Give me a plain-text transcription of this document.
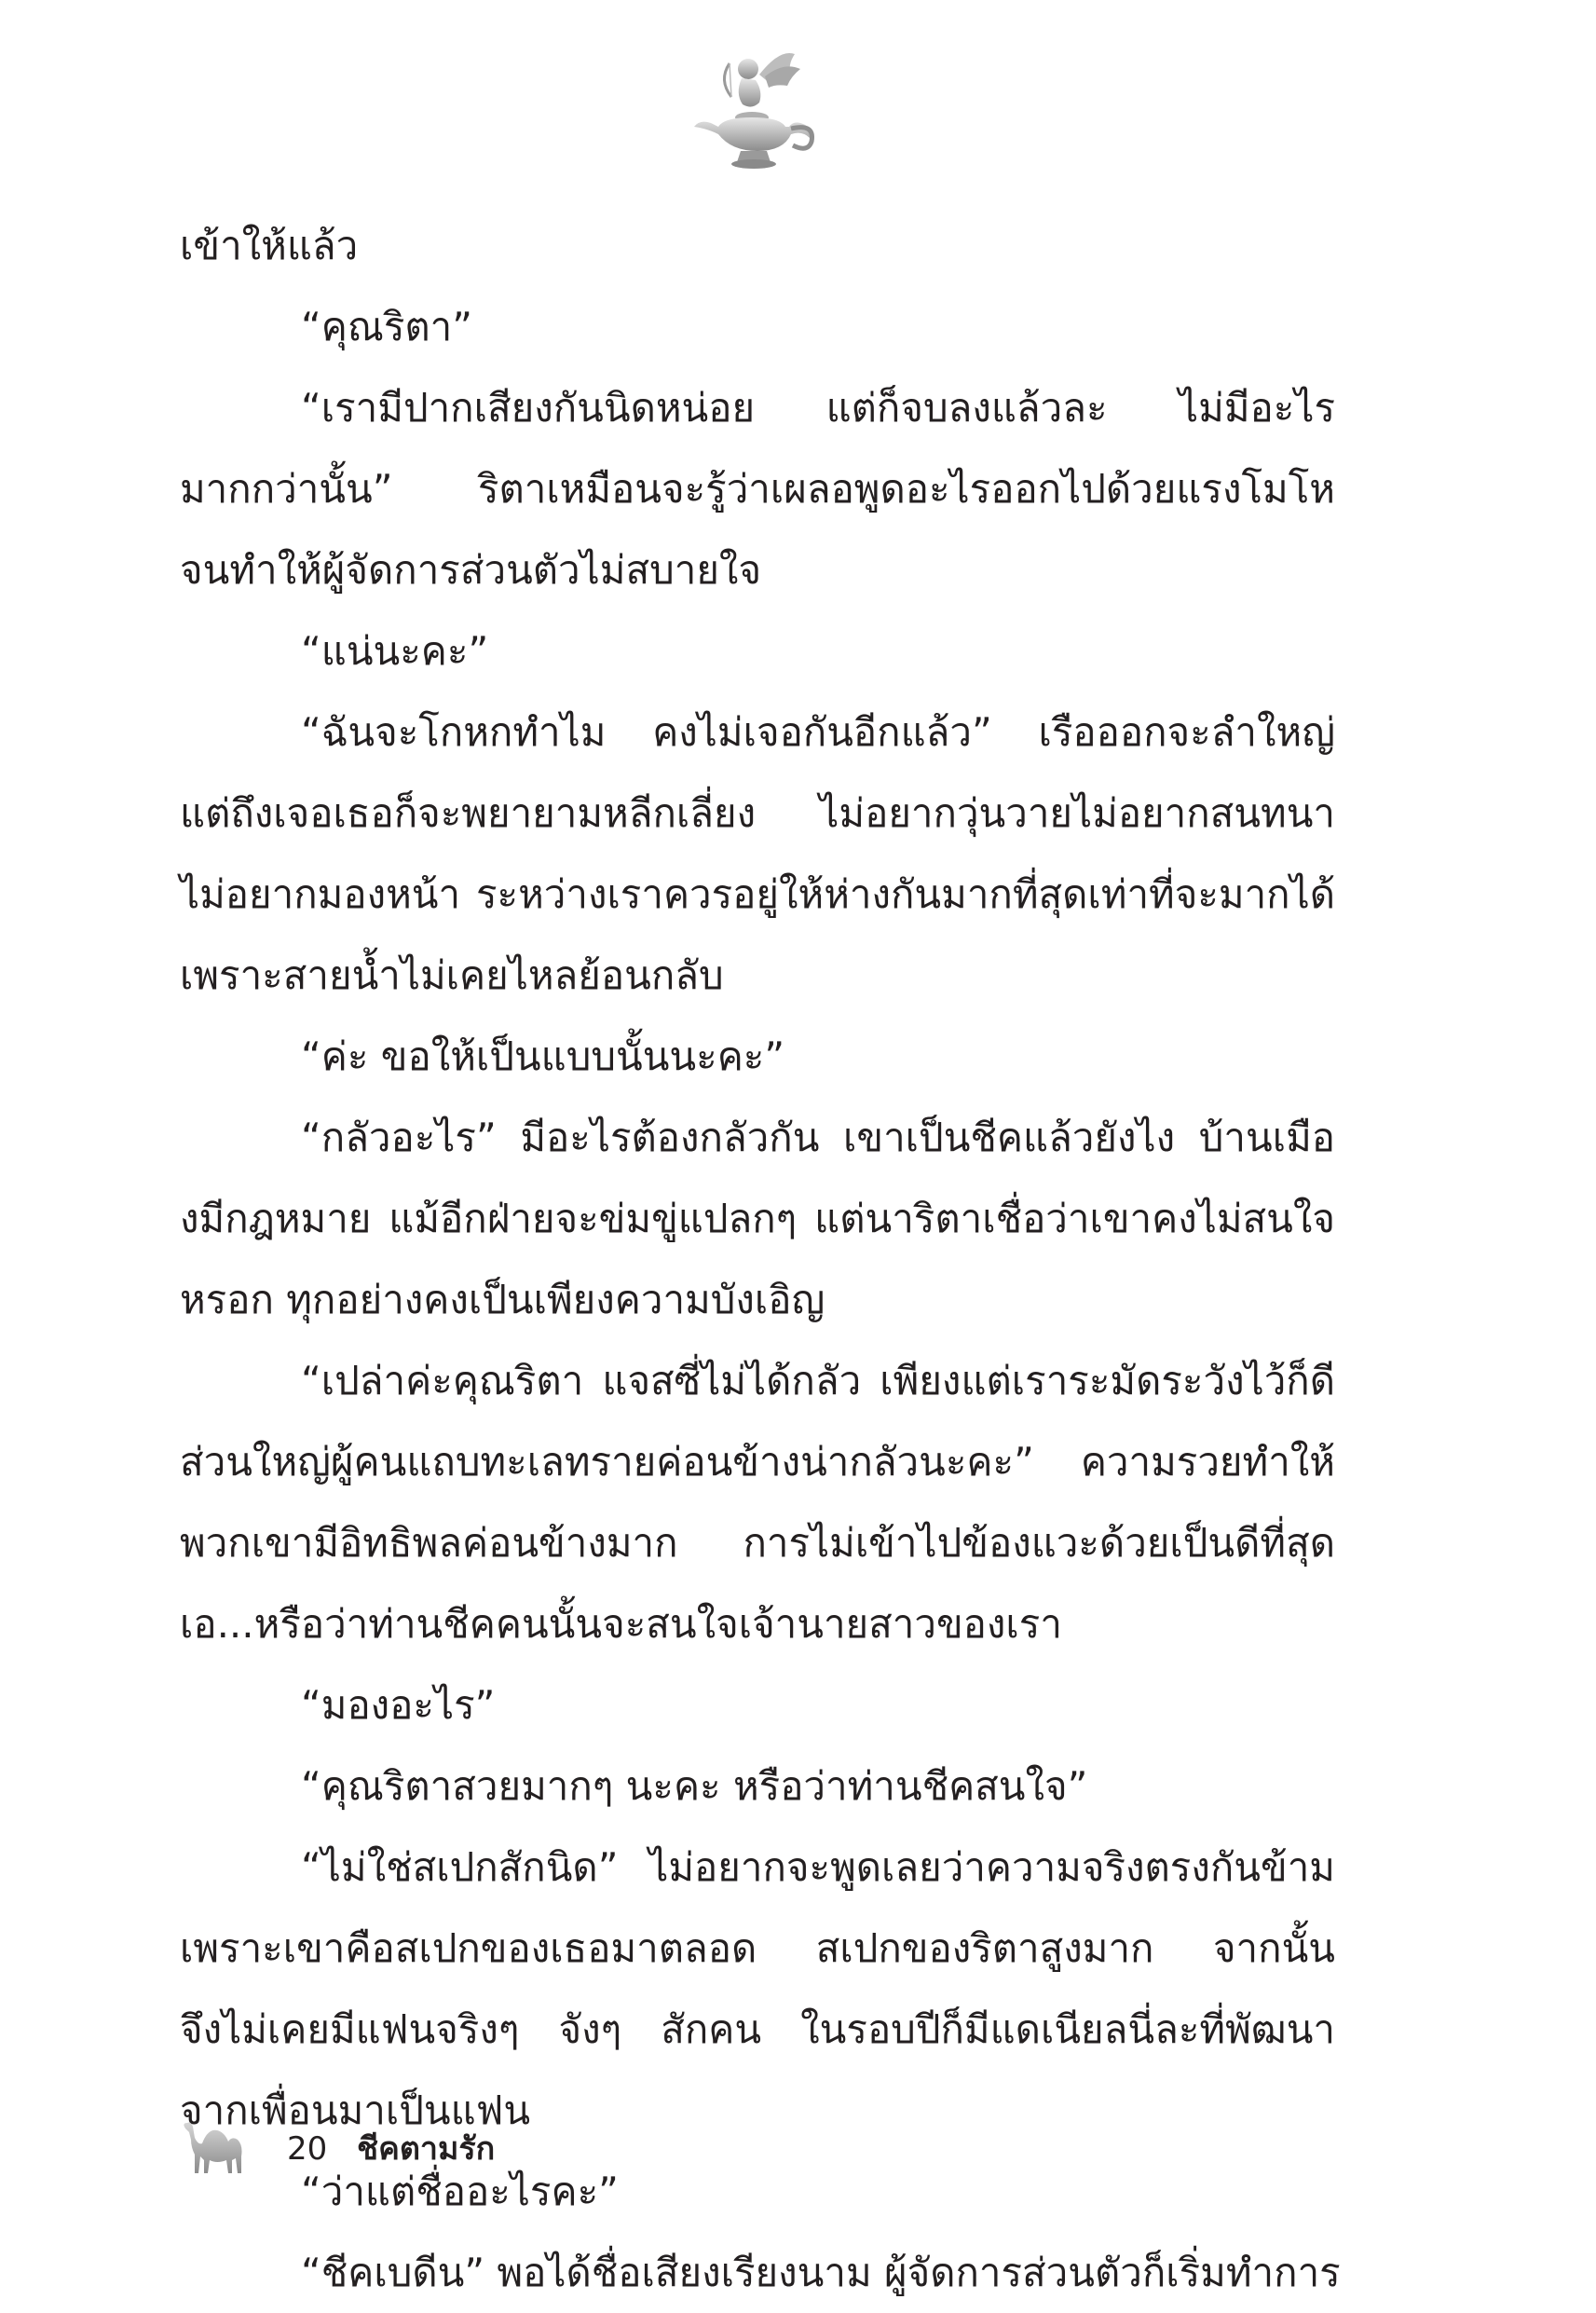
เข้าให้แล้ว
“คุณริตา”
“เรามีปากเสียงกันนิดหน่อย แต่ก็จบลงแล้วละ ไม่มีอะไร
มากกว่านั้น” ริตาเหมือนจะรู้ว่าเผลอพูดอะไรออกไปด้วยแรงโมโห
จนทำให้ผู้จัดการส่วนตัวไม่สบายใจ
“แน่นะคะ”
“ฉันจะโกหกทำไม คงไม่เจอกันอีกแล้ว” เรือออกจะลำใหญ่
แต่ถึงเจอเธอก็จะพยายามหลีกเลี่ยง ไม่อยากวุ่นวายไม่อยากสนทนา
ไม่อยากมองหน้า ระหว่างเราควรอยู่ให้ห่างกันมากที่สุดเท่าที่จะมากได้
เพราะสายน้ำไม่เคยไหลย้อนกลับ
“ค่ะ ขอให้เป็นแบบนั้นนะคะ”
“กลัวอะไร” มีอะไรต้องกลัวกัน เขาเป็นชีคแล้วยังไง บ้านเมือ
งมีกฎหมาย แม้อีกฝ่ายจะข่มขู่แปลกๆ แต่นาริตาเชื่อว่าเขาคงไม่สนใจ
หรอก ทุกอย่างคงเป็นเพียงความบังเอิญ
“เปล่าค่ะคุณริตา แจสซี่ไม่ได้กลัว เพียงแต่เราระมัดระวังไว้ก็ดี
ส่วนใหญ่ผู้คนแถบทะเลทรายค่อนข้างน่ากลัวนะคะ” ความรวยทำให้
พวกเขามีอิทธิพลค่อนข้างมาก การไม่เข้าไปข้องแวะด้วยเป็นดีที่สุด
เอ...หรือว่าท่านชีคคนนั้นจะสนใจเจ้านายสาวของเรา
“มองอะไร”
“คุณริตาสวยมากๆ นะคะ หรือว่าท่านชีคสนใจ”
“ไม่ใช่สเปกสักนิด” ไม่อยากจะพูดเลยว่าความจริงตรงกันข้าม
เพราะเขาคือสเปกของเธอมาตลอด สเปกของริตาสูงมาก จากนั้น
จึงไม่เคยมีแฟนจริงๆ จังๆ สักคน ในรอบปีก็มีแดเนียลนี่ละที่พัฒนา
จากเพื่อนมาเป็นแฟน
“ว่าแต่ชื่ออะไรคะ”
“ชีคเบดีน” พอได้ชื่อเสียงเรียงนาม ผู้จัดการส่วนตัวก็เริ่มทำการ
20 ชีคตามรัก
